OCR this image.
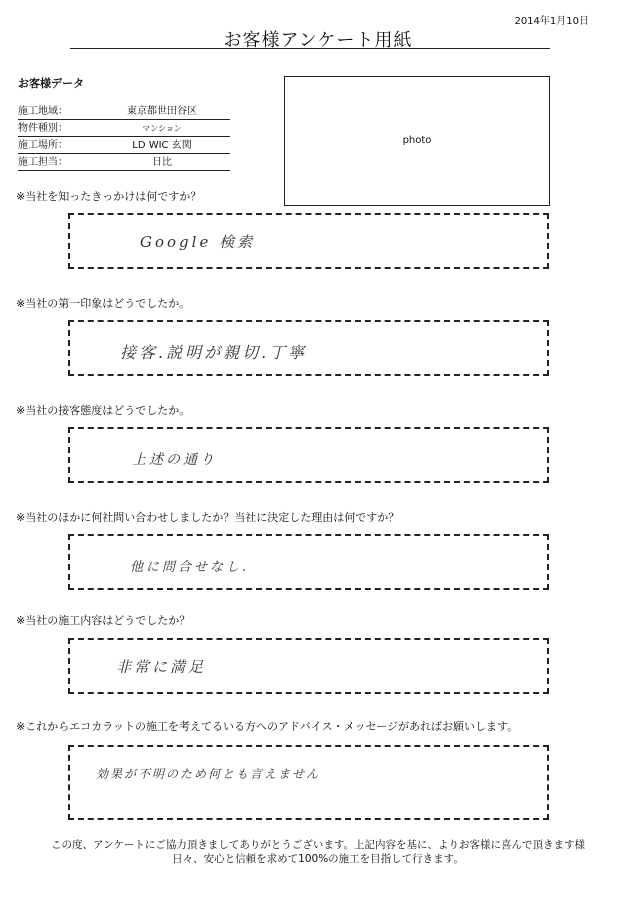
2014年1月10日
お客様アンケート用紙
お客様データ
施工地域：	東京都世田谷区
物件種別：	マンション
施工場所：	LD WIC 玄関
施工担当：	日比
photo
※当社を知ったきっかけは何ですか？
Google 検索
※当社の第一印象はどうでしたか。
接客.説明が親切.丁寧
※当社の接客態度はどうでしたか。
上述の通り
※当社のほかに何社問い合わせしましたか？当社に決定した理由は何ですか？
他に問合せなし.
※当社の施工内容はどうでしたか？
非常に満足
※これからエコカラットの施工を考えてるいる方へのアドバイス・メッセージがあればお願いします。
効果が不明のため何とも言えません
この度、アンケートにご協力頂きましてありがとうございます。上記内容を基に、よりお客様に喜んで頂きます様
日々、安心と信頼を求めて100%の施工を目指して行きます。
